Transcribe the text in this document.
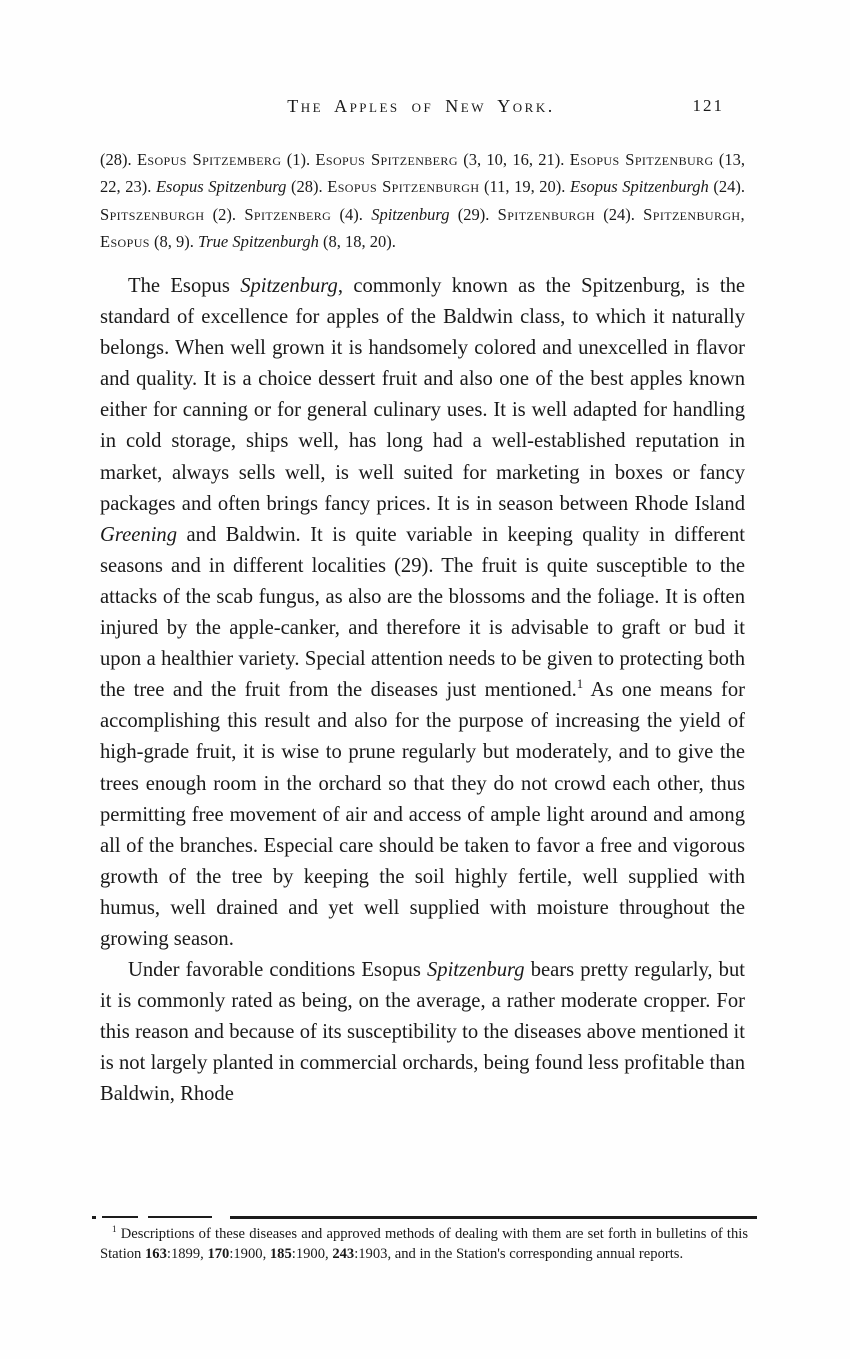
The Apples of New York.	121
(28). Esopus Spitzemberg (1). Esopus Spitzenberg (3, 10, 16, 21). Esopus Spitzenburg (13, 22, 23). Esopus Spitzenburg (28). Esopus Spitzenburgh (11, 19, 20). Esopus Spitzenburgh (24). Spitszenburgh (2). Spitzenberg (4). Spitzenburg (29). Spitzenburgh (24). Spitzenburgh, Esopus (8, 9). True Spitzenburgh (8, 18, 20).

The Esopus Spitzenburg, commonly known as the Spitzenburg, is the standard of excellence for apples of the Baldwin class, to which it naturally belongs. When well grown it is handsomely colored and unexcelled in flavor and quality. It is a choice dessert fruit and also one of the best apples known either for canning or for general culinary uses. It is well adapted for handling in cold storage, ships well, has long had a well-established reputation in market, always sells well, is well suited for marketing in boxes or fancy packages and often brings fancy prices. It is in season between Rhode Island Greening and Baldwin. It is quite variable in keeping quality in different seasons and in different localities (29). The fruit is quite susceptible to the attacks of the scab fungus, as also are the blossoms and the foliage. It is often injured by the apple-canker, and therefore it is advisable to graft or bud it upon a healthier variety. Special attention needs to be given to protecting both the tree and the fruit from the diseases just mentioned.$^1$ As one means for accomplishing this result and also for the purpose of increasing the yield of high-grade fruit, it is wise to prune regularly but moderately, and to give the trees enough room in the orchard so that they do not crowd each other, thus permitting free movement of air and access of ample light around and among all of the branches. Especial care should be taken to favor a free and vigorous growth of the tree by keeping the soil highly fertile, well supplied with humus, well drained and yet well supplied with moisture throughout the growing season.

Under favorable conditions Esopus Spitzenburg bears pretty regularly, but it is commonly rated as being, on the average, a rather moderate cropper. For this reason and because of its susceptibility to the diseases above mentioned it is not largely planted in commercial orchards, being found less profitable than Baldwin, Rhode

$^1$ Descriptions of these diseases and approved methods of dealing with them are set forth in bulletins of this Station 163:1899, 170:1900, 185:1900, 243:1903, and in the Station's corresponding annual reports.
